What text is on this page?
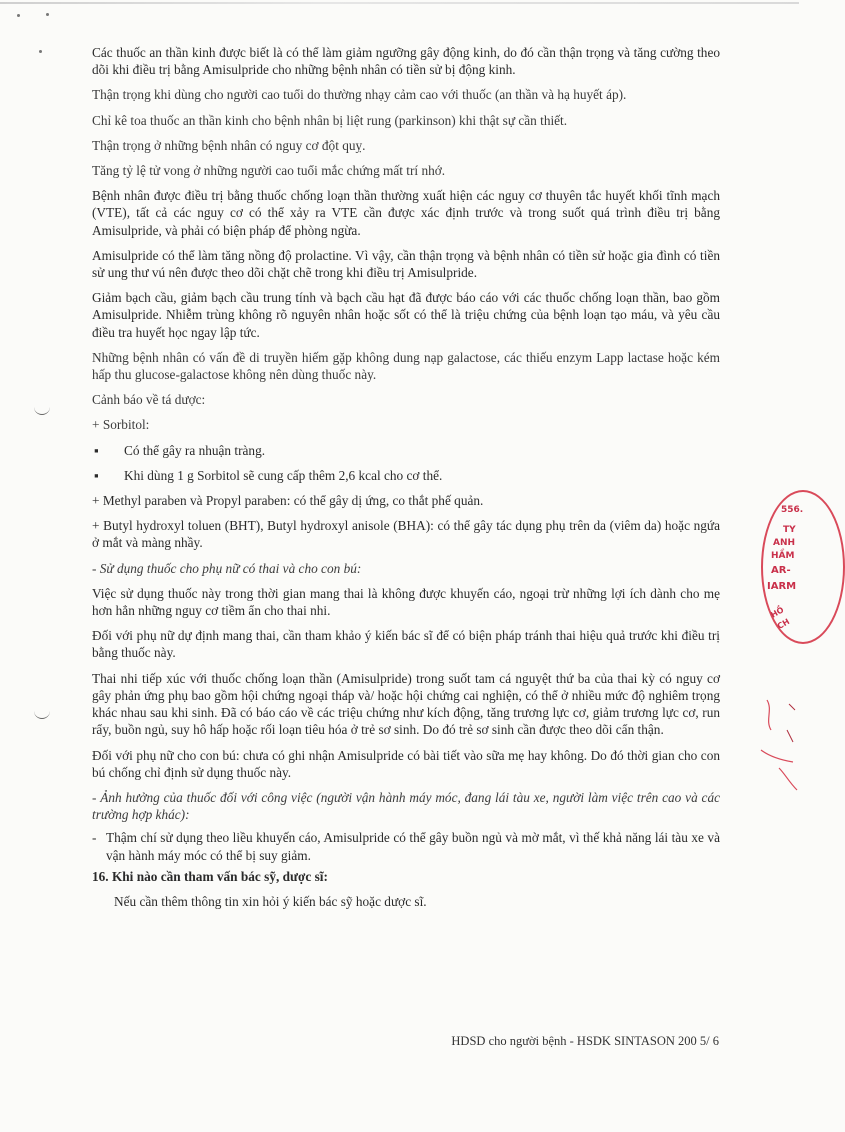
Các thuốc an thần kinh được biết là có thể làm giảm ngưỡng gây động kinh, do đó cần thận trọng và tăng cường theo dõi khi điều trị bằng Amisulpride cho những bệnh nhân có tiền sử bị động kinh.

Thận trọng khi dùng cho người cao tuổi do thường nhạy cảm cao với thuốc (an thần và hạ huyết áp).

Chỉ kê toa thuốc an thần kinh cho bệnh nhân bị liệt rung (parkinson) khi thật sự cần thiết.

Thận trọng ở những bệnh nhân có nguy cơ đột quỵ.

Tăng tỷ lệ tử vong ở những người cao tuổi mắc chứng mất trí nhớ.

Bệnh nhân được điều trị bằng thuốc chống loạn thần thường xuất hiện các nguy cơ thuyên tắc huyết khối tĩnh mạch (VTE), tất cả các nguy cơ có thể xảy ra VTE cần được xác định trước và trong suốt quá trình điều trị bằng Amisulpride, và phải có biện pháp để phòng ngừa.

Amisulpride có thể làm tăng nồng độ prolactine. Vì vậy, cần thận trọng và bệnh nhân có tiền sử hoặc gia đình có tiền sử ung thư vú nên được theo dõi chặt chẽ trong khi điều trị Amisulpride.

Giảm bạch cầu, giảm bạch cầu trung tính và bạch cầu hạt đã được báo cáo với các thuốc chống loạn thần, bao gồm Amisulpride. Nhiễm trùng không rõ nguyên nhân hoặc sốt có thể là triệu chứng của bệnh loạn tạo máu, và yêu cầu điều tra huyết học ngay lập tức.

Những bệnh nhân có vấn đề di truyền hiếm gặp không dung nạp galactose, các thiếu enzym Lapp lactase hoặc kém hấp thu glucose-galactose không nên dùng thuốc này.

Cảnh báo về tá dược:

+ Sorbitol:

▪	Có thể gây ra nhuận tràng.
▪	Khi dùng 1 g Sorbitol sẽ cung cấp thêm 2,6 kcal cho cơ thể.

+ Methyl paraben và Propyl paraben: có thể gây dị ứng, co thắt phế quản.

+ Butyl hydroxyl toluen (BHT), Butyl hydroxyl anisole (BHA): có thể gây tác dụng phụ trên da (viêm da) hoặc ngứa ở mắt và màng nhầy.

- Sử dụng thuốc cho phụ nữ có thai và cho con bú:

Việc sử dụng thuốc này trong thời gian mang thai là không được khuyến cáo, ngoại trừ những lợi ích dành cho mẹ hơn hẳn những nguy cơ tiềm ẩn cho thai nhi.

Đối với phụ nữ dự định mang thai, cần tham khảo ý kiến bác sĩ để có biện pháp tránh thai hiệu quả trước khi điều trị bằng thuốc này.

Thai nhi tiếp xúc với thuốc chống loạn thần (Amisulpride) trong suốt tam cá nguyệt thứ ba của thai kỳ có nguy cơ gây phản ứng phụ bao gồm hội chứng ngoại tháp và/ hoặc hội chứng cai nghiện, có thể ở nhiều mức độ nghiêm trọng khác nhau sau khi sinh. Đã có báo cáo về các triệu chứng như kích động, tăng trương lực cơ, giảm trương lực cơ, run rẩy, buồn ngủ, suy hô hấp hoặc rối loạn tiêu hóa ở trẻ sơ sinh. Do đó trẻ sơ sinh cần được theo dõi cẩn thận.

Đối với phụ nữ cho con bú: chưa có ghi nhận Amisulpride có bài tiết vào sữa mẹ hay không. Do đó thời gian cho con bú chống chỉ định sử dụng thuốc này.

- Ảnh hưởng của thuốc đối với công việc (người vận hành máy móc, đang lái tàu xe, người làm việc trên cao và các trường hợp khác):

- Thậm chí sử dụng theo liều khuyến cáo, Amisulpride có thể gây buồn ngủ và mờ mắt, vì thế khả năng lái tàu xe và vận hành máy móc có thể bị suy giảm.

16. Khi nào cần tham vấn bác sỹ, dược sĩ:

Nếu cần thêm thông tin xin hỏi ý kiến bác sỹ hoặc dược sĩ.

HDSD cho người bệnh - HSDK SINTASON 200 5/ 6
556.
TY
ANH
HẦM
AR-
IARM
HỒ CH
